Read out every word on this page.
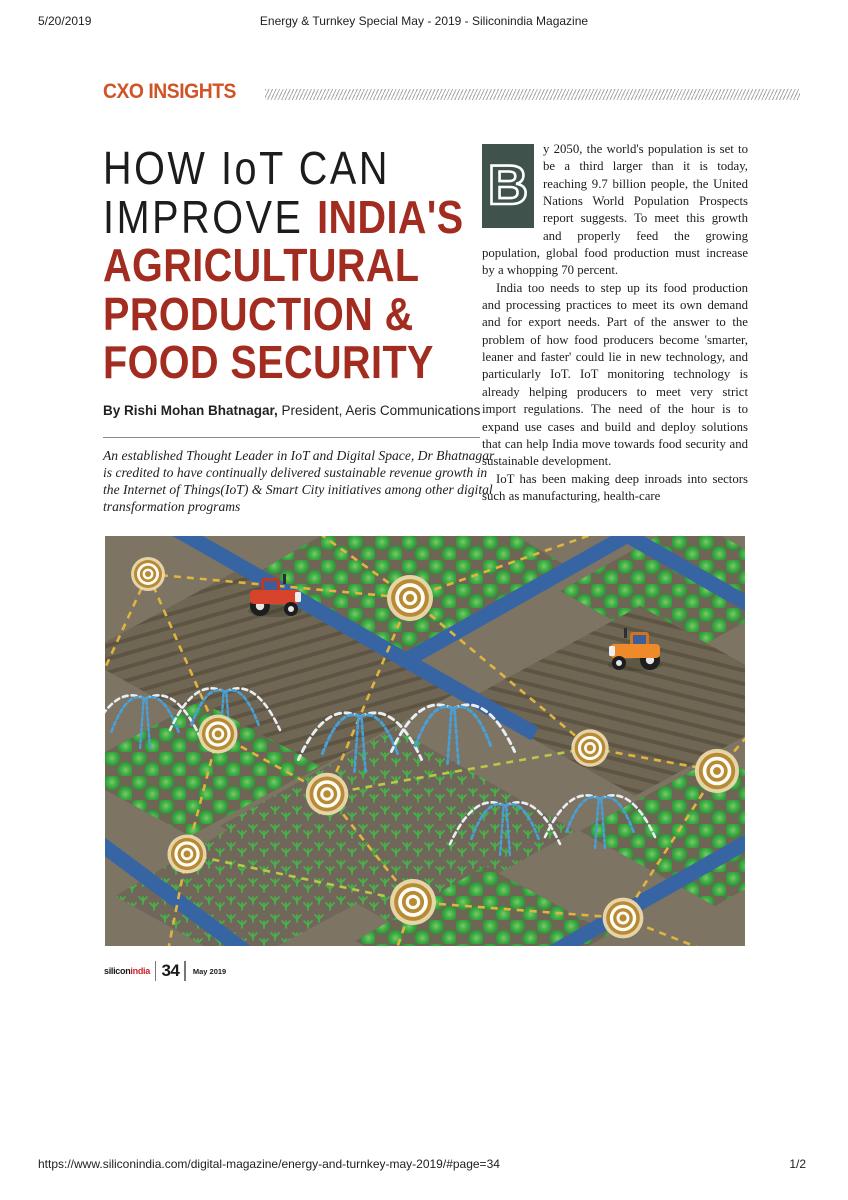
5/20/2019	Energy & Turnkey Special May - 2019 - Siliconindia Magazine
CXO INSIGHTS
HOW IoT CAN
IMPROVE INDIA'S
AGRICULTURAL
PRODUCTION &
FOOD SECURITY
By Rishi Mohan Bhatnagar, President, Aeris Communications
An established Thought Leader in IoT and Digital Space, Dr Bhatnagar is credited to have continually delivered sustainable revenue growth in the Internet of Things(IoT) & Smart City initiatives among other digital transformation programs
B

y 2050, the world's population is set to be a third larger than it is today, reaching 9.7 billion people, the United Nations World Population Prospects report suggests. To meet this growth and properly feed the growing population, global food production must increase by a whopping 70 percent.

India too needs to step up its food production and processing practices to meet its own demand and for export needs. Part of the answer to the problem of how food producers become 'smarter, leaner and faster' could lie in new technology, and particularly IoT. IoT monitoring technology is already helping producers to meet very strict import regulations. The need of the hour is to expand use cases and build and deploy solutions that can help India move towards food security and sustainable development.

IoT has been making deep inroads into sectors such as manufacturing, health-care

siliconindia 34 May 2019
https://www.siliconindia.com/digital-magazine/energy-and-turnkey-may-2019/#page=34	1/2
